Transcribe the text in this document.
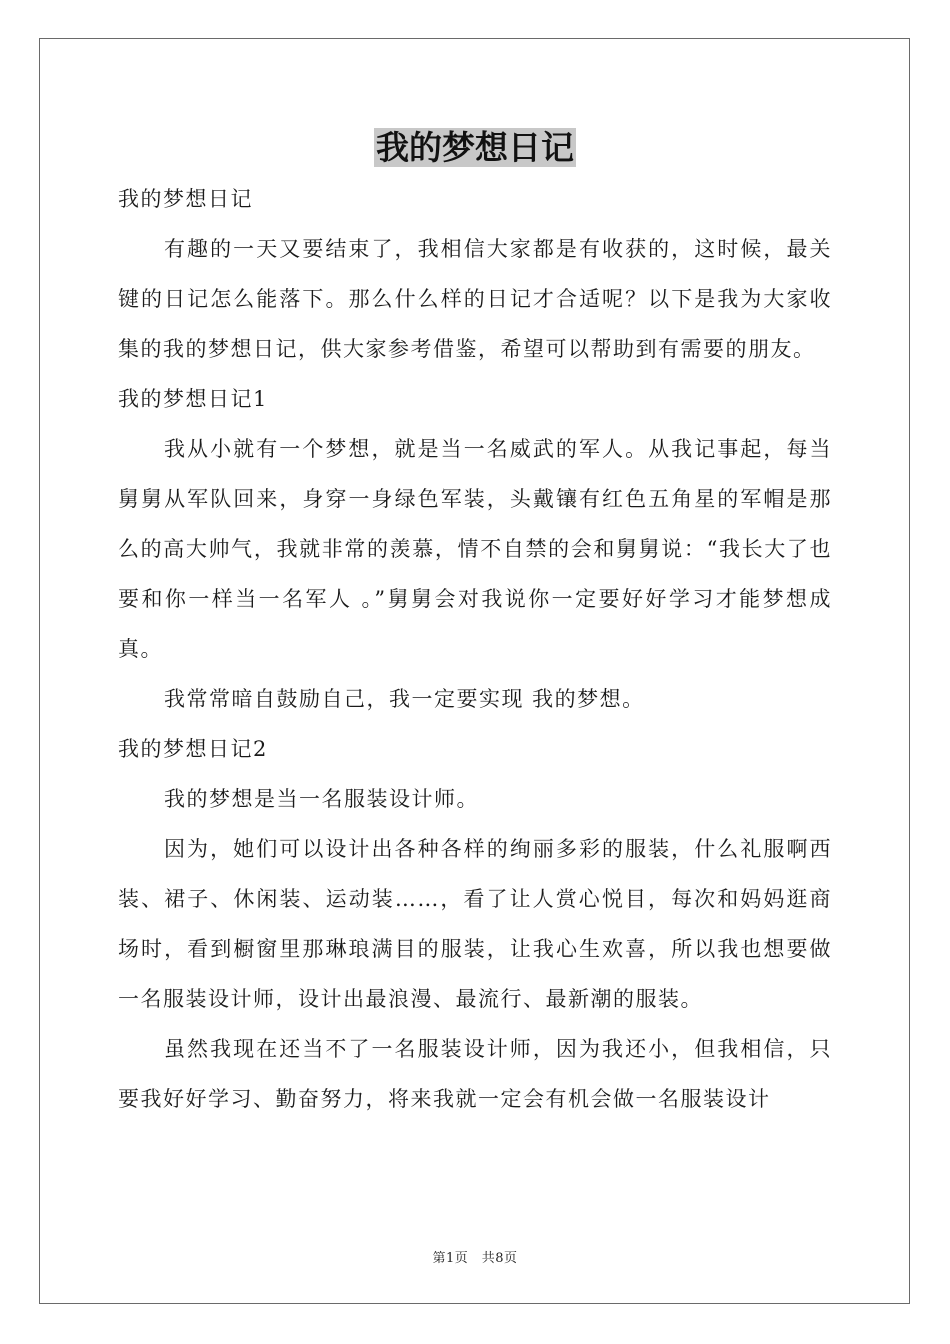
我的梦想日记

我的梦想日记

有趣的一天又要结束了，我相信大家都是有收获的，这时候，最关键的日记怎么能落下。那么什么样的日记才合适呢？以下是我为大家收集的我的梦想日记，供大家参考借鉴，希望可以帮助到有需要的朋友。

我的梦想日记1

我从小就有一个梦想，就是当一名威武的军人。从我记事起，每当舅舅从军队回来，身穿一身绿色军装，头戴镶有红色五角星的军帽是那么的高大帅气，我就非常的羡慕，情不自禁的会和舅舅说：“我长大了也要和你一样当一名军人 。”舅舅会对我说你一定要好好学习才能梦想成真。

我常常暗自鼓励自己，我一定要实现 我的梦想。

我的梦想日记2

我的梦想是当一名服装设计师。

因为，她们可以设计出各种各样的绚丽多彩的服装，什么礼服啊西装、裙子、休闲装、运动装……，看了让人赏心悦目，每次和妈妈逛商场时，看到橱窗里那琳琅满目的服装，让我心生欢喜，所以我也想要做一名服装设计师，设计出最浪漫、最流行、最新潮的服装。

虽然我现在还当不了一名服装设计师，因为我还小，但我相信，只要我好好学习、勤奋努力，将来我就一定会有机会做一名服装设计

第1页　共8页
